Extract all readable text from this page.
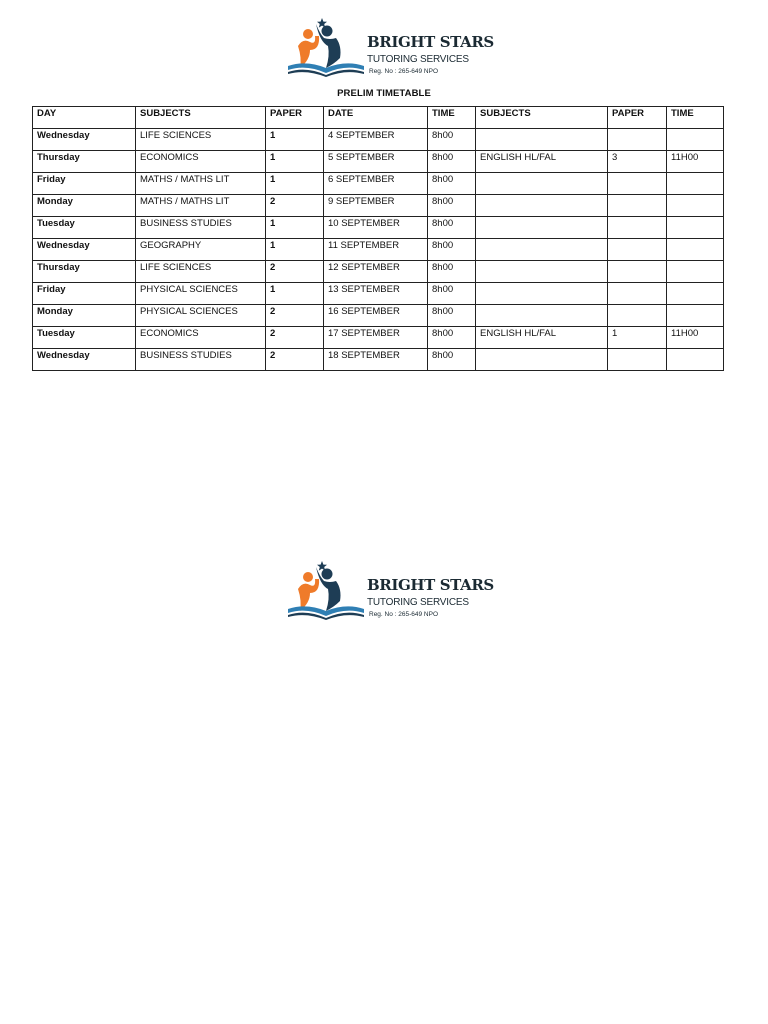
BRIGHT STARS
TUTORING SERVICES
Reg. No : 265-649 NPO
PRELIM TIMETABLE
DAY	SUBJECTS	PAPER	DATE	TIME	SUBJECTS	PAPER	TIME
Wednesday	LIFE SCIENCES	1	4 SEPTEMBER	8h00			
Thursday	ECONOMICS	1	5 SEPTEMBER	8h00	ENGLISH HL/FAL	3	11H00
Friday	MATHS / MATHS LIT	1	6 SEPTEMBER	8h00			
Monday	MATHS / MATHS LIT	2	9 SEPTEMBER	8h00			
Tuesday	BUSINESS STUDIES	1	10 SEPTEMBER	8h00			
Wednesday	GEOGRAPHY	1	11 SEPTEMBER	8h00			
Thursday	LIFE SCIENCES	2	12 SEPTEMBER	8h00			
Friday	PHYSICAL SCIENCES	1	13 SEPTEMBER	8h00			
Monday	PHYSICAL SCIENCES	2	16 SEPTEMBER	8h00			
Tuesday	ECONOMICS	2	17 SEPTEMBER	8h00	ENGLISH HL/FAL	1	11H00
Wednesday	BUSINESS STUDIES	2	18 SEPTEMBER	8h00			
BRIGHT STARS
TUTORING SERVICES
Reg. No : 265-649 NPO
